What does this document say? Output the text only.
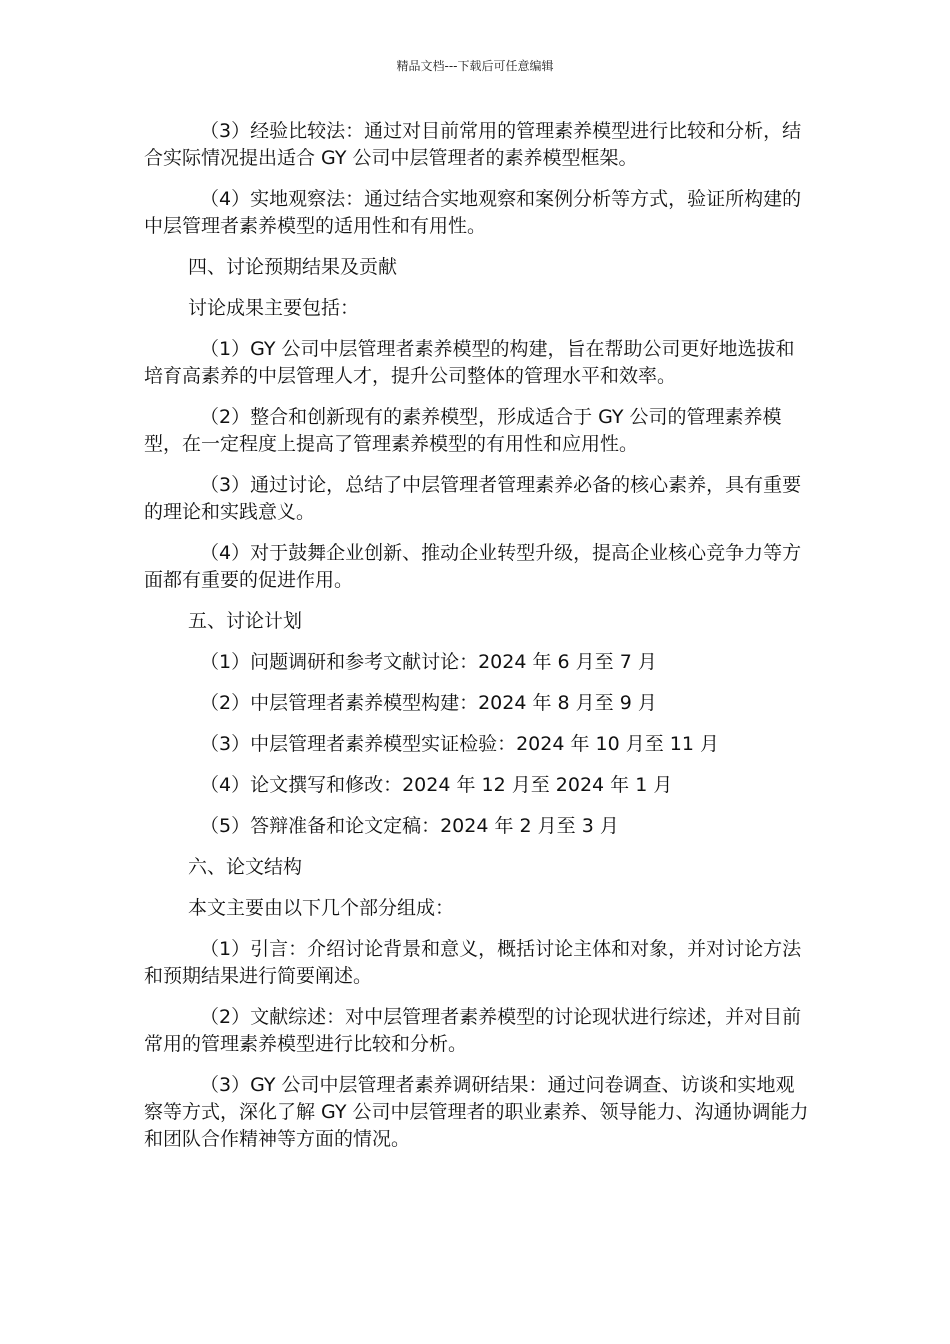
精品文档---下载后可任意编辑

（3）经验比较法：通过对目前常用的管理素养模型进行比较和分析，结合实际情况提出适合 GY 公司中层管理者的素养模型框架。

（4）实地观察法：通过结合实地观察和案例分析等方式，验证所构建的中层管理者素养模型的适用性和有用性。

四、讨论预期结果及贡献

讨论成果主要包括：

（1）GY 公司中层管理者素养模型的构建，旨在帮助公司更好地选拔和培育高素养的中层管理人才，提升公司整体的管理水平和效率。

（2）整合和创新现有的素养模型，形成适合于 GY 公司的管理素养模型，在一定程度上提高了管理素养模型的有用性和应用性。

（3）通过讨论，总结了中层管理者管理素养必备的核心素养，具有重要的理论和实践意义。

（4）对于鼓舞企业创新、推动企业转型升级，提高企业核心竞争力等方面都有重要的促进作用。

五、讨论计划

（1）问题调研和参考文献讨论：2024 年 6 月至 7 月

（2）中层管理者素养模型构建：2024 年 8 月至 9 月

（3）中层管理者素养模型实证检验：2024 年 10 月至 11 月

（4）论文撰写和修改：2024 年 12 月至 2024 年 1 月

（5）答辩准备和论文定稿：2024 年 2 月至 3 月

六、论文结构

本文主要由以下几个部分组成：

（1）引言：介绍讨论背景和意义，概括讨论主体和对象，并对讨论方法和预期结果进行简要阐述。

（2）文献综述：对中层管理者素养模型的讨论现状进行综述，并对目前常用的管理素养模型进行比较和分析。

（3）GY 公司中层管理者素养调研结果：通过问卷调查、访谈和实地观察等方式，深化了解 GY 公司中层管理者的职业素养、领导能力、沟通协调能力和团队合作精神等方面的情况。
